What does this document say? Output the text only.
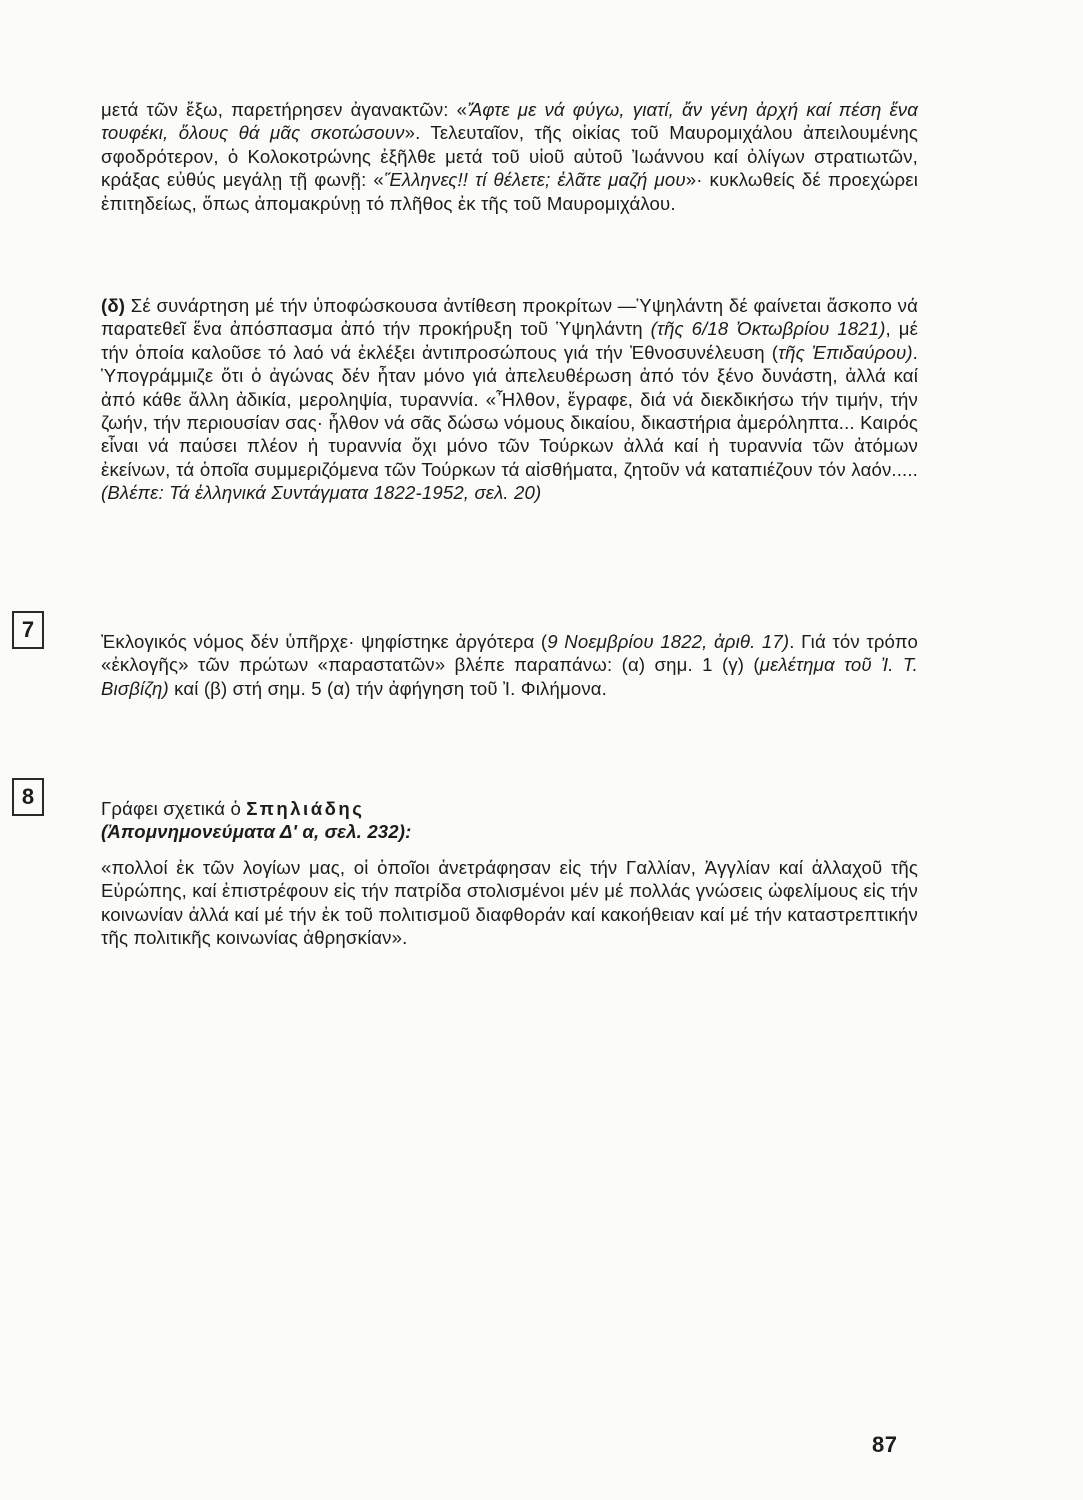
μετά τῶν ἔξω, παρετήρησεν ἀγανακτῶν: «Ἄφτε με νά φύγω, γιατί, ἄν γένη ἀρχή καί πέση ἕνα τουφέκι, ὅλους θά μᾶς σκοτώσουν». Τελευταῖον, τῆς οἰκίας τοῦ Μαυρομιχάλου ἀπειλουμένης σφοδρότερον, ὁ Κολοκοτρώνης ἐξῆλθε μετά τοῦ υἱοῦ αὐτοῦ Ἰωάννου καί ὀλίγων στρατιωτῶν, κράξας εὐθύς μεγάλῃ τῇ φωνῇ: «Ἕλληνες!! τί θέλετε; ἐλᾶτε μαζή μου»· κυκλωθείς δέ προεχώρει ἐπιτηδείως, ὅπως ἀπομακρύνῃ τό πλῆθος ἐκ τῆς τοῦ Μαυρομιχάλου.

(δ) Σέ συνάρτηση μέ τήν ὑποφώσκουσα ἀντίθεση προκρίτων —Ὑψηλάντη δέ φαίνεται ἄσκοπο νά παρατεθεῖ ἕνα ἀπόσπασμα ἀπό τήν προκήρυξη τοῦ Ὑψηλάντη (τῆς 6/18 Ὀκτωβρίου 1821), μέ τήν ὁποία καλοῦσε τό λαό νά ἐκλέξει ἀντιπροσώπους γιά τήν Ἐθνοσυνέλευση (τῆς Ἐπιδαύρου). Ὑπογράμμιζε ὅτι ὁ ἀγώνας δέν ἦταν μόνο γιά ἀπελευθέρωση ἀπό τόν ξένο δυνάστη, ἀλλά καί ἀπό κάθε ἄλλη ἀδικία, μεροληψία, τυραννία. «Ἦλθον, ἔγραφε, διά νά διεκδικήσω τήν τιμήν, τήν ζωήν, τήν περιουσίαν σας· ἦλθον νά σᾶς δώσω νόμους δικαίου, δικαστήρια ἀμερόληπτα... Καιρός εἶναι νά παύσει πλέον ἡ τυραννία ὄχι μόνο τῶν Τούρκων ἀλλά καί ἡ τυραννία τῶν ἀτόμων ἐκείνων, τά ὁποῖα συμμεριζόμενα τῶν Τούρκων τά αἰσθήματα, ζητοῦν νά καταπιέζουν τόν λαόν..... (Βλέπε: Τά ἑλληνικά Συντάγματα 1822-1952, σελ. 20)

7	Ἐκλογικός νόμος δέν ὑπῆρχε· ψηφίστηκε ἀργότερα (9 Νοεμβρίου 1822, ἀριθ. 17). Γιά τόν τρόπο «ἐκλογῆς» τῶν πρώτων «παραστατῶν» βλέπε παραπάνω: (α) σημ. 1 (γ) (μελέτημα τοῦ Ἰ. Τ. Βισβίζη) καί (β) στή σημ. 5 (α) τήν ἀφήγηση τοῦ Ἰ. Φιλήμονα.

8	Γράφει σχετικά ὁ Σπηλιάδης

(Ἀπομνημονεύματα Δ' α, σελ. 232):

«πολλοί ἐκ τῶν λογίων μας, οἱ ὁποῖοι ἀνετράφησαν εἰς τήν Γαλλίαν, Ἀγγλίαν καί ἀλλαχοῦ τῆς Εὐρώπης, καί ἐπιστρέφουν εἰς τήν πατρίδα στολισμένοι μέν μέ πολλάς γνώσεις ὠφελίμους εἰς τήν κοινωνίαν ἀλλά καί μέ τήν ἐκ τοῦ πολιτισμοῦ διαφθοράν καί κακοήθειαν καί μέ τήν καταστρεπτικήν τῆς πολιτικῆς κοινωνίας ἀθρησκίαν».

87
